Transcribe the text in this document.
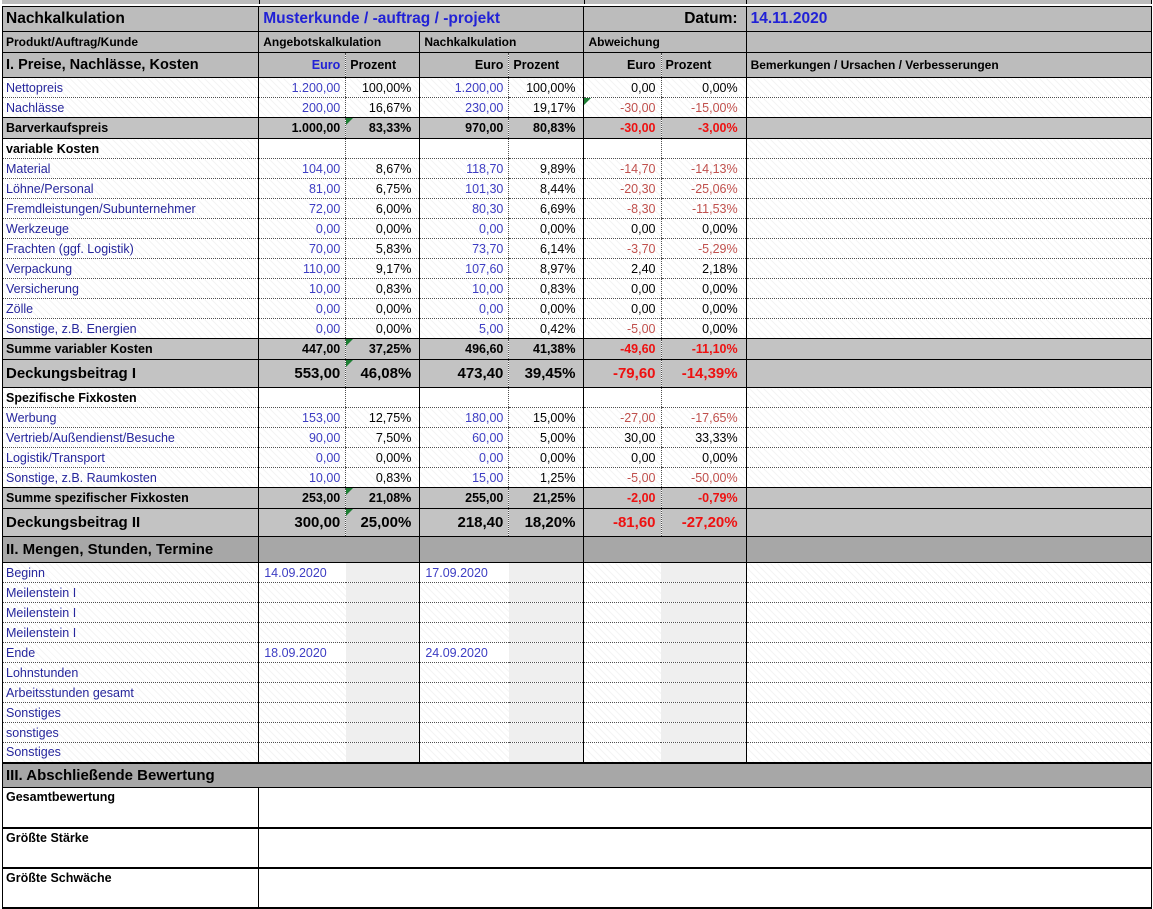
Nachkalkulation	Musterkunde / -auftrag / -projekt				Datum:		14.11.2020
Produkt/Auftrag/Kunde	Angebotskalkulation		Nachkalkulation		Abweichung		
I. Preise, Nachlässe, Kosten	Euro	Prozent	Euro	Prozent	Euro	Prozent	Bemerkungen / Ursachen / Verbesserungen
Nettopreis	1.200,00	100,00%	1.200,00	100,00%	0,00	0,00%	
Nachlässe	200,00	16,67%	230,00	19,17%	-30,00	-15,00%	
Barverkaufspreis	1.000,00	83,33%	970,00	80,83%	-30,00	-3,00%	
variable Kosten							
Material	104,00	8,67%	118,70	9,89%	-14,70	-14,13%	
Löhne/Personal	81,00	6,75%	101,30	8,44%	-20,30	-25,06%	
Fremdleistungen/Subunternehmer	72,00	6,00%	80,30	6,69%	-8,30	-11,53%	
Werkzeuge	0,00	0,00%	0,00	0,00%	0,00	0,00%	
Frachten (ggf. Logistik)	70,00	5,83%	73,70	6,14%	-3,70	-5,29%	
Verpackung	110,00	9,17%	107,60	8,97%	2,40	2,18%	
Versicherung	10,00	0,83%	10,00	0,83%	0,00	0,00%	
Zölle	0,00	0,00%	0,00	0,00%	0,00	0,00%	
Sonstige, z.B. Energien	0,00	0,00%	5,00	0,42%	-5,00	0,00%	
Summe variabler Kosten	447,00	37,25%	496,60	41,38%	-49,60	-11,10%	
Deckungsbeitrag I	553,00	46,08%	473,40	39,45%	-79,60	-14,39%	
Spezifische Fixkosten							
Werbung	153,00	12,75%	180,00	15,00%	-27,00	-17,65%	
Vertrieb/Außendienst/Besuche	90,00	7,50%	60,00	5,00%	30,00	33,33%	
Logistik/Transport	0,00	0,00%	0,00	0,00%	0,00	0,00%	
Sonstige, z.B. Raumkosten	10,00	0,83%	15,00	1,25%	-5,00	-50,00%	
Summe spezifischer Fixkosten	253,00	21,08%	255,00	21,25%	-2,00	-0,79%	
Deckungsbeitrag II	300,00	25,00%	218,40	18,20%	-81,60	-27,20%	
II. Mengen, Stunden, Termine							
Beginn	14.09.2020		17.09.2020				
Meilenstein I							
Meilenstein I							
Meilenstein I							
Ende	18.09.2020		24.09.2020				
Lohnstunden							
Arbeitsstunden gesamt							
Sonstiges							
sonstiges							
Sonstiges							
III. Abschließende Bewertung							
Gesamtbewertung							
Größte Stärke							
Größte Schwäche							
